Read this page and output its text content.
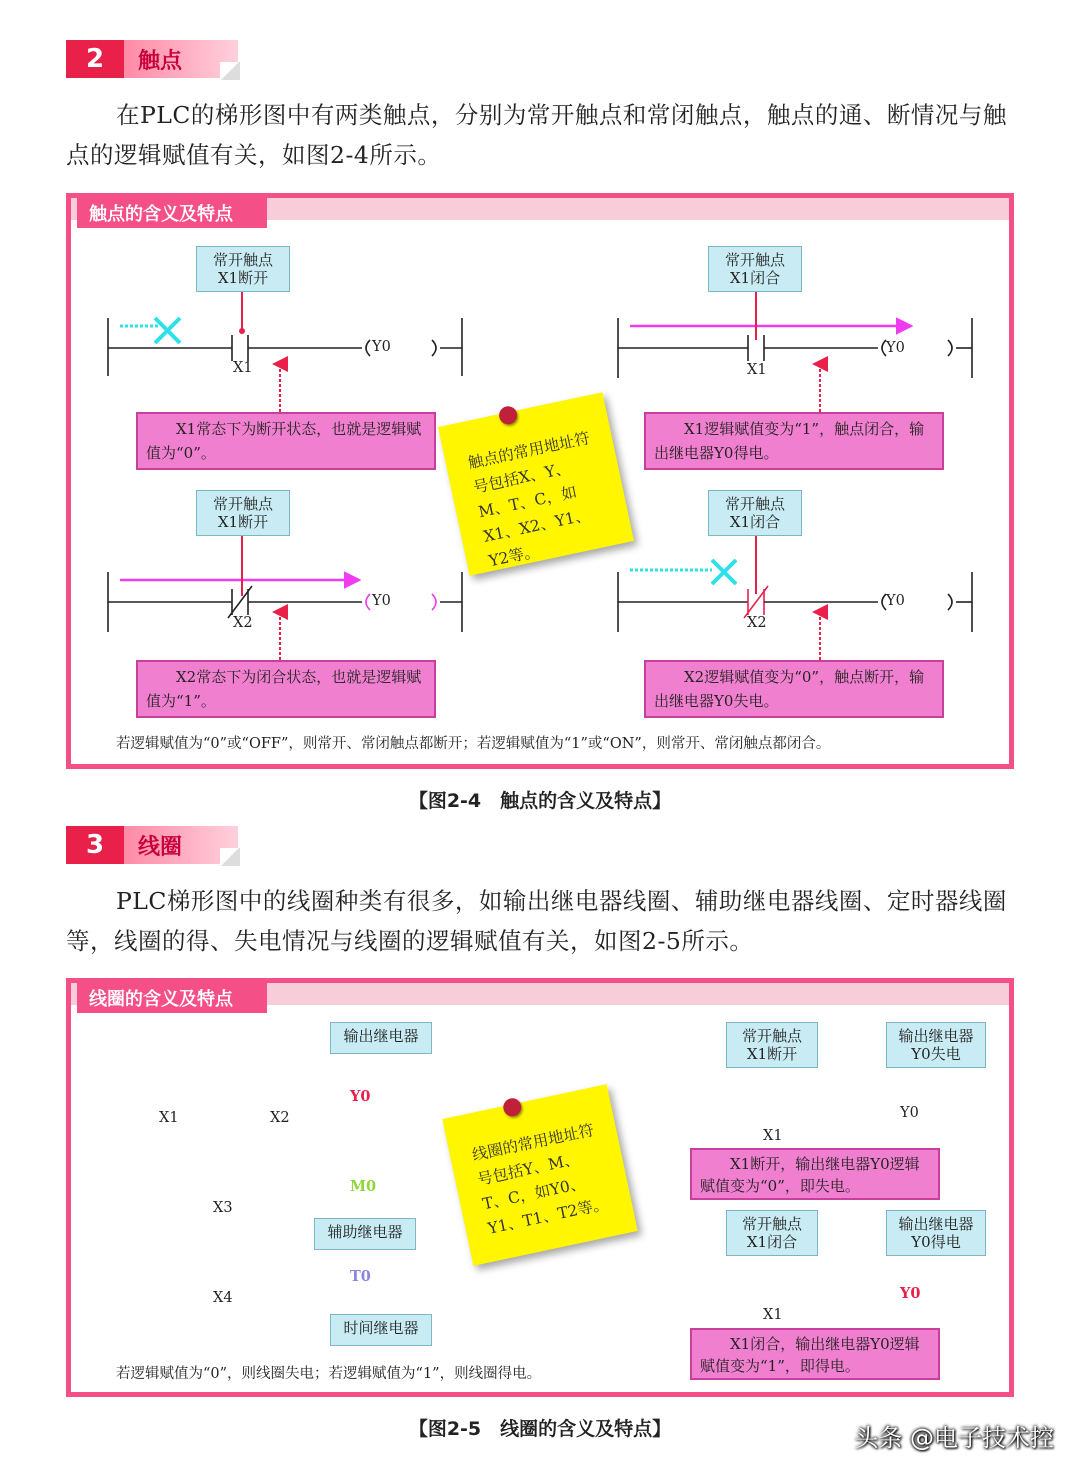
2	触点
在PLC的梯形图中有两类触点，分别为常开触点和常闭触点，触点的通、断情况与触点的逻辑赋值有关，如图2-4所示。
触点的含义及特点
常开触点
X1断开
X1
Y0
X1常态下为断开状态，也就是逻辑赋值为“0”。
常开触点
X1闭合
X1
Y0
X1逻辑赋值变为“1”，触点闭合，输出继电器Y0得电。
触点的常用地址符号包括X、Y、M、T、C，如X1、X2、Y1、Y2等。
常开触点
X1断开
X2
Y0
X2常态下为闭合状态，也就是逻辑赋值为“1”。
常开触点
X1闭合
X2
Y0
X2逻辑赋值变为“0”，触点断开，输出继电器Y0失电。
若逻辑赋值为“0”或“OFF”，则常开、常闭触点都断开；若逻辑赋值为“1”或“ON”，则常开、常闭触点都闭合。
【图2-4　触点的含义及特点】
3	线圈
PLC梯形图中的线圈种类有很多，如输出继电器线圈、辅助继电器线圈、定时器线圈等，线圈的得、失电情况与线圈的逻辑赋值有关，如图2-5所示。
线圈的含义及特点
输出继电器
X1	X2
Y0
X3
M0
辅助继电器
X4
T0
时间继电器
线圈的常用地址符号包括Y、M、T、C，如Y0、Y1、T1、T2等。
常开触点
X1断开
输出继电器
Y0失电
X1
Y0
X1断开，输出继电器Y0逻辑赋值变为“0”，即失电。
常开触点
X1闭合
输出继电器
Y0得电
X1
Y0
X1闭合，输出继电器Y0逻辑赋值变为“1”，即得电。
若逻辑赋值为“0”，则线圈失电；若逻辑赋值为“1”，则线圈得电。
【图2-5　线圈的含义及特点】	头条 @电子技术控
